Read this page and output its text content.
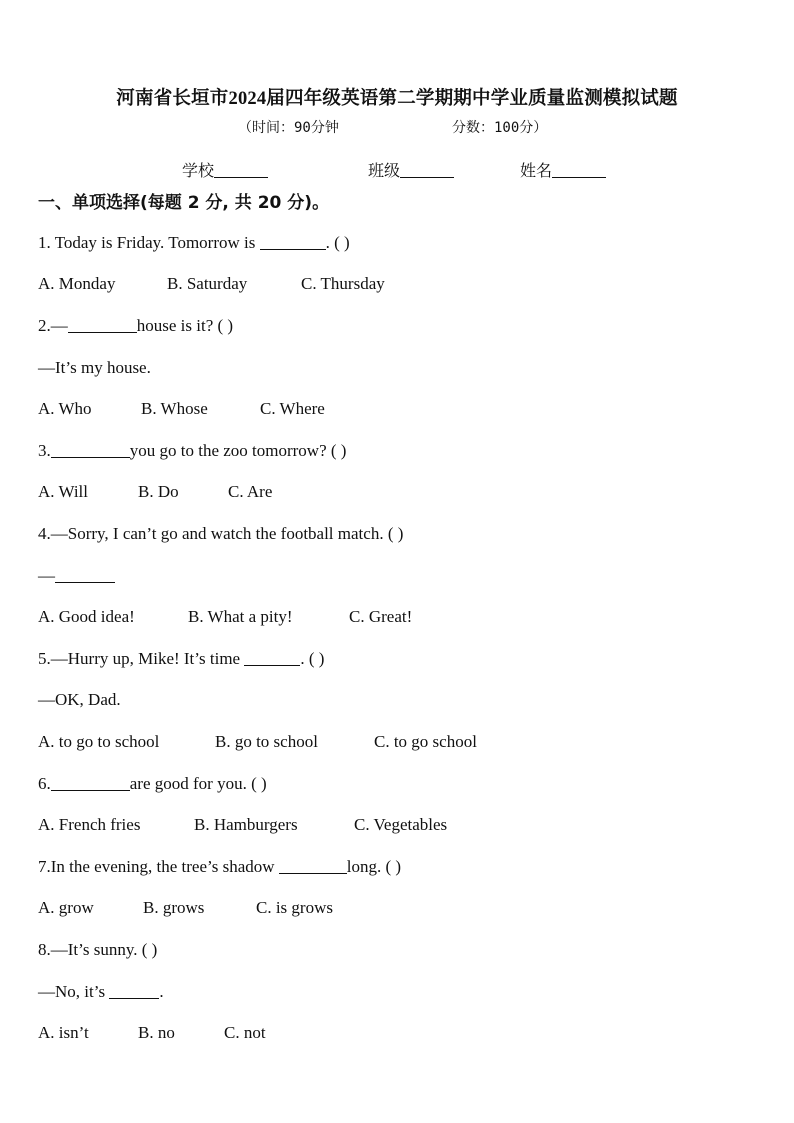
河南省长垣市2024届四年级英语第二学期期中学业质量监测模拟试题
（时间：90分钟	分数：100分）
学校	班级	姓名
一、单项选择(每题 2 分, 共 20 分)。
1. Today is Friday. Tomorrow is	. ( )
A. Monday	B. Saturday	C. Thursday
2.—	house is it? ( )
—It’s my house.
A. Who	B. Whose	C. Where
3.	you go to the zoo tomorrow? ( )
A. Will	B. Do	C. Are
4.—Sorry, I can’t go and watch the football match. ( )
—
A. Good idea!	B. What a pity!	C. Great!
5.—Hurry up, Mike! It’s time	. ( )
—OK, Dad.
A. to go to school	B. go to school	C. to go school
6.	are good for you. ( )
A. French fries	B. Hamburgers	C. Vegetables
7.In the evening, the tree’s shadow	long. ( )
A. grow	B. grows	C. is grows
8.—It’s sunny. ( )
—No, it’s	.
A. isn’t	B. no	C. not
